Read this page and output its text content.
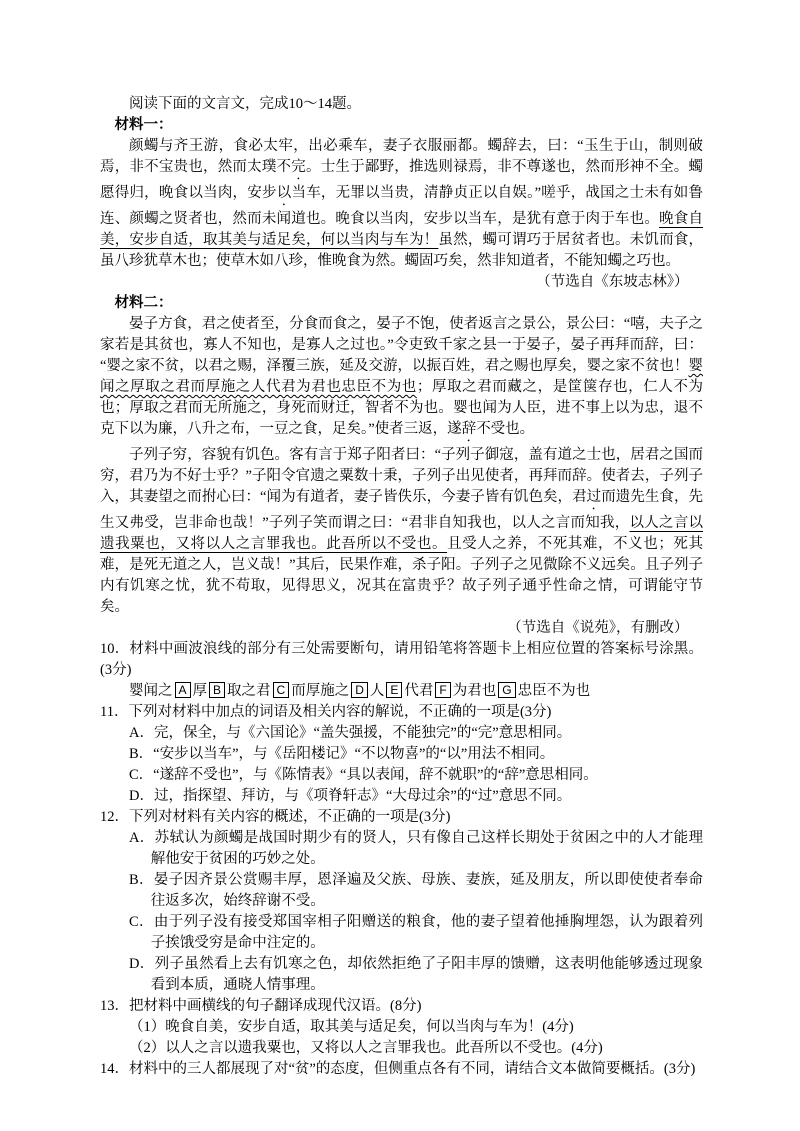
阅读下面的文言文，完成10～14题。

材料一：

颜蠋与齐王游，食必太牢，出必乘车，妻子衣服丽都。蠋辞去，曰：“玉生于山，制则破焉，非不宝贵也，然而太璞不完。士生于鄙野，推选则禄焉，非不尊遂也，然而形神不全。蠋愿得归，晚食以当肉，安步以当车，无罪以当贵，清静贞正以自娱。”嗟乎，战国之士未有如鲁连、颜蠋之贤者也，然而未闻道也。晚食以当肉，安步以当车，是犹有意于肉于车也。晚食自美，安步自适，取其美与适足矣，何以当肉与车为！虽然，蠋可谓巧于居贫者也。未饥而食，虽八珍犹草木也；使草木如八珍，惟晚食为然。蠋固巧矣，然非知道者，不能知蠋之巧也。

（节选自《东坡志林》）

材料二：

晏子方食，君之使者至，分食而食之，晏子不饱，使者返言之景公，景公曰：“嘻，夫子之家若是其贫也，寡人不知也，是寡人之过也。”令吏致千家之县一于晏子，晏子再拜而辞，曰：“婴之家不贫，以君之赐，泽覆三族，延及交游，以振百姓，君之赐也厚矣，婴之家不贫也！婴闻之厚取之君而厚施之人代君为君也忠臣不为也；厚取之君而藏之，是筐箧存也，仁人不为也；厚取之君而无所施之，身死而财迁，智者不为也。婴也闻为人臣，进不事上以为忠，退不克下以为廉，八升之布，一豆之食，足矣。”使者三返，遂辞不受也。

子列子穷，容貌有饥色。客有言于郑子阳者曰：“子列子御寇，盖有道之士也，居君之国而穷，君乃为不好士乎？”子阳令官遗之粟数十秉，子列子出见使者，再拜而辞。使者去，子列子入，其妻望之而拊心曰：“闻为有道者，妻子皆佚乐，今妻子皆有饥色矣，君过而遗先生食，先生又弗受，岂非命也哉！”子列子笑而谓之曰：“君非自知我也，以人之言而知我，以人之言以遗我粟也，又将以人之言罪我也。此吾所以不受也。且受人之养，不死其难，不义也；死其难，是死无道之人，岂义哉！”其后，民果作难，杀子阳。子列子之见微除不义远矣。且子列子内有饥寒之忧，犹不苟取，见得思义，况其在富贵乎？故子列子通乎性命之情，可谓能守节矣。

（节选自《说苑》，有删改）

10．材料中画波浪线的部分有三处需要断句，请用铅笔将答题卡上相应位置的答案标号涂黑。(3分)

婴闻之 A 厚 B 取之君 C 而厚施之 D 人 E 代君 F 为君也 G 忠臣不为也

11．下列对材料中加点的词语及相关内容的解说，不正确的一项是(3分)

A．完，保全，与《六国论》“盖失强援，不能独完”的“完”意思相同。

B．“安步以当车”，与《岳阳楼记》“不以物喜”的“以”用法不相同。

C．“遂辞不受也”，与《陈情表》“具以表闻，辞不就职”的“辞”意思相同。

D．过，指探望、拜访，与《项脊轩志》“大母过余”的“过”意思不同。

12．下列对材料有关内容的概述，不正确的一项是(3分)

A．苏轼认为颜蠋是战国时期少有的贤人，只有像自己这样长期处于贫困之中的人才能理解他安于贫困的巧妙之处。

B．晏子因齐景公赏赐丰厚，恩泽遍及父族、母族、妻族，延及朋友，所以即使使者奉命往返多次，始终辞谢不受。

C．由于列子没有接受郑国宰相子阳赠送的粮食，他的妻子望着他捶胸埋怨，认为跟着列子挨饿受穷是命中注定的。

D．列子虽然看上去有饥寒之色，却依然拒绝了子阳丰厚的馈赠，这表明他能够透过现象看到本质，通晓人情事理。

13．把材料中画横线的句子翻译成现代汉语。(8分)

（1）晚食自美，安步自适，取其美与适足矣，何以当肉与车为！(4分)

（2）以人之言以遗我粟也，又将以人之言罪我也。此吾所以不受也。(4分)

14．材料中的三人都展现了对“贫”的态度，但侧重点各有不同，请结合文本做简要概括。(3分)
